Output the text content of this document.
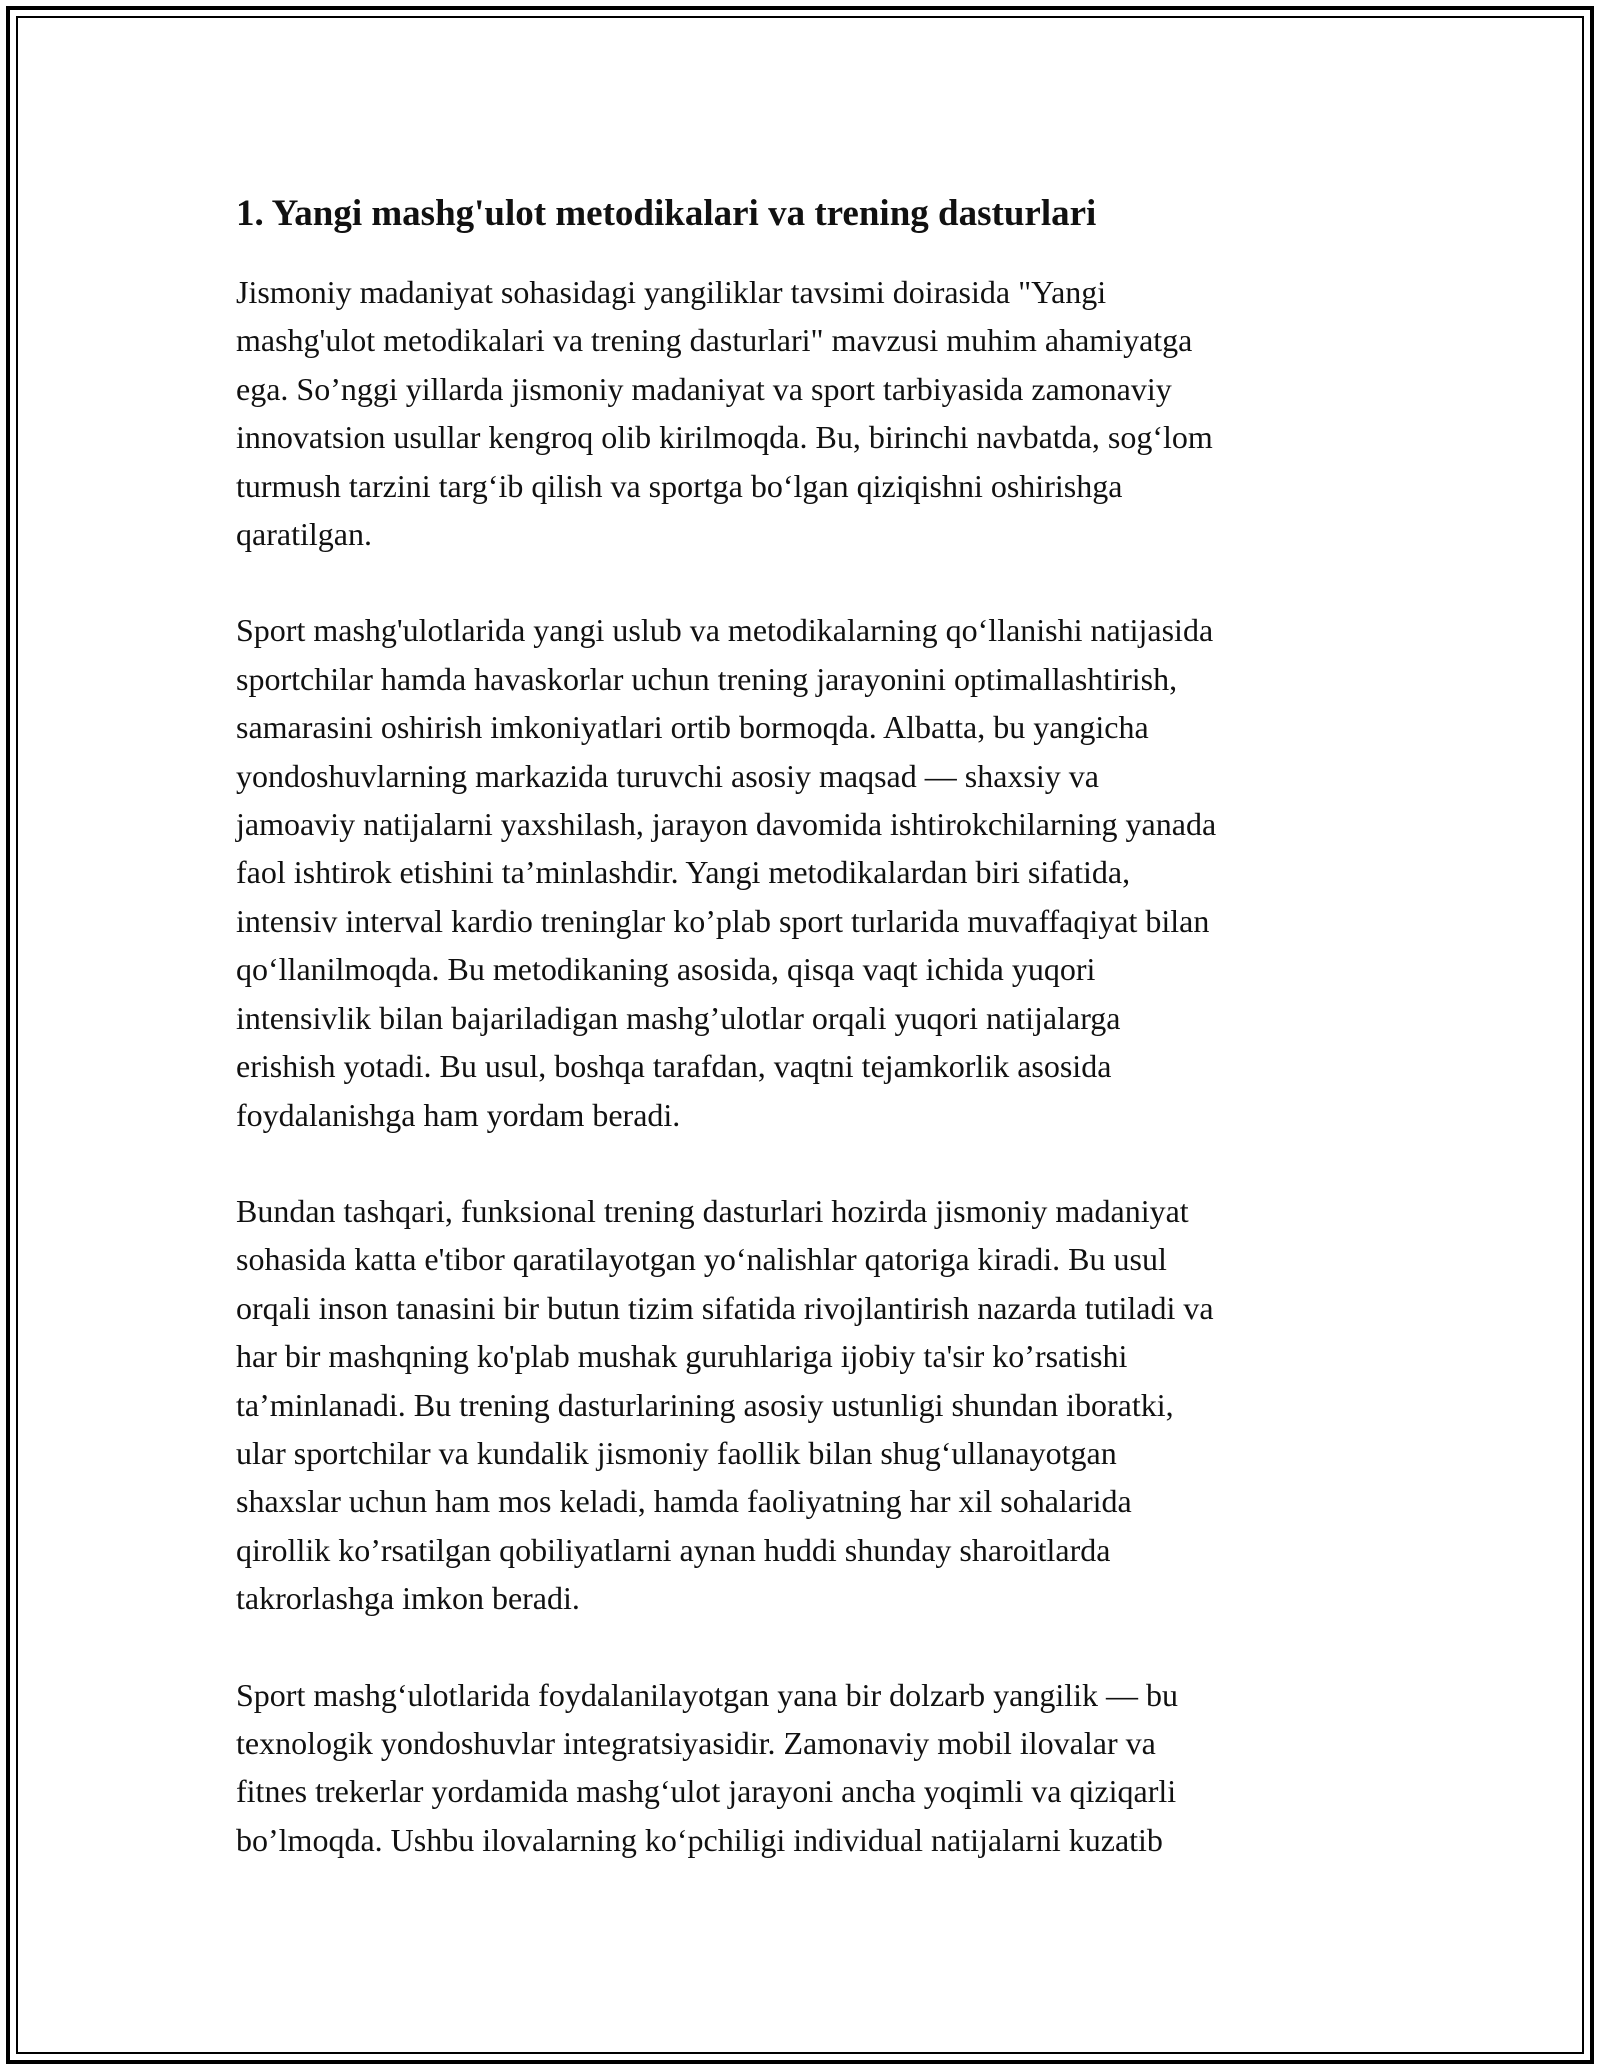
1. Yangi mashg'ulot metodikalari va trening dasturlari

Jismoniy madaniyat sohasidagi yangiliklar tavsimi doirasida "Yangi
mashg'ulot metodikalari va trening dasturlari" mavzusi muhim ahamiyatga
ega. So’nggi yillarda jismoniy madaniyat va sport tarbiyasida zamonaviy
innovatsion usullar kengroq olib kirilmoqda. Bu, birinchi navbatda, sog‘lom
turmush tarzini targ‘ib qilish va sportga bo‘lgan qiziqishni oshirishga
qaratilgan.

Sport mashg'ulotlarida yangi uslub va metodikalarning qo‘llanishi natijasida
sportchilar hamda havaskorlar uchun trening jarayonini optimallashtirish,
samarasini oshirish imkoniyatlari ortib bormoqda. Albatta, bu yangicha
yondoshuvlarning markazida turuvchi asosiy maqsad — shaxsiy va
jamoaviy natijalarni yaxshilash, jarayon davomida ishtirokchilarning yanada
faol ishtirok etishini ta’minlashdir. Yangi metodikalardan biri sifatida,
intensiv interval kardio treninglar ko’plab sport turlarida muvaffaqiyat bilan
qo‘llanilmoqda. Bu metodikaning asosida, qisqa vaqt ichida yuqori
intensivlik bilan bajariladigan mashg’ulotlar orqali yuqori natijalarga
erishish yotadi. Bu usul, boshqa tarafdan, vaqtni tejamkorlik asosida
foydalanishga ham yordam beradi.

Bundan tashqari, funksional trening dasturlari hozirda jismoniy madaniyat
sohasida katta e'tibor qaratilayotgan yo‘nalishlar qatoriga kiradi. Bu usul
orqali inson tanasini bir butun tizim sifatida rivojlantirish nazarda tutiladi va
har bir mashqning ko'plab mushak guruhlariga ijobiy ta'sir ko’rsatishi
ta’minlanadi. Bu trening dasturlarining asosiy ustunligi shundan iboratki,
ular sportchilar va kundalik jismoniy faollik bilan shug‘ullanayotgan
shaxslar uchun ham mos keladi, hamda faoliyatning har xil sohalarida
qirollik ko’rsatilgan qobiliyatlarni aynan huddi shunday sharoitlarda
takrorlashga imkon beradi.

Sport mashg‘ulotlarida foydalanilayotgan yana bir dolzarb yangilik — bu
texnologik yondoshuvlar integratsiyasidir. Zamonaviy mobil ilovalar va
fitnes trekerlar yordamida mashg‘ulot jarayoni ancha yoqimli va qiziqarli
bo’lmoqda. Ushbu ilovalarning ko‘pchiligi individual natijalarni kuzatib
